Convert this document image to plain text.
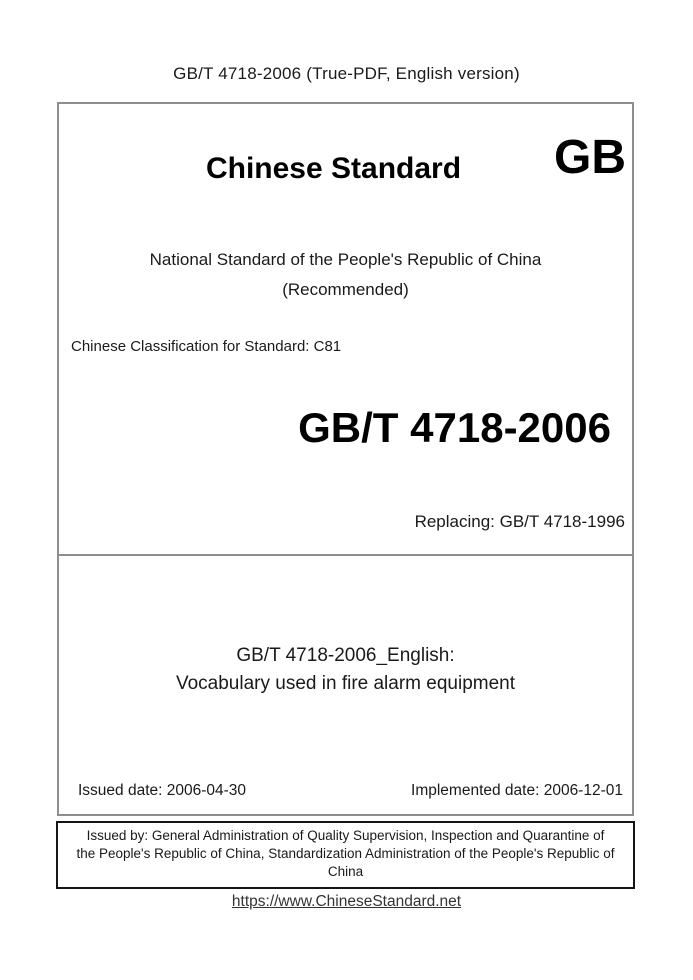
GB/T 4718-2006 (True-PDF, English version)
Chinese Standard	GB
National Standard of the People's Republic of China
(Recommended)
Chinese Classification for Standard: C81
GB/T 4718-2006
Replacing: GB/T 4718-1996
GB/T 4718-2006_English:
Vocabulary used in fire alarm equipment
Issued date: 2006-04-30	Implemented date: 2006-12-01
Issued by: General Administration of Quality Supervision, Inspection and Quarantine of
the People's Republic of China, Standardization Administration of the People's Republic of
China
https://www.ChineseStandard.net
